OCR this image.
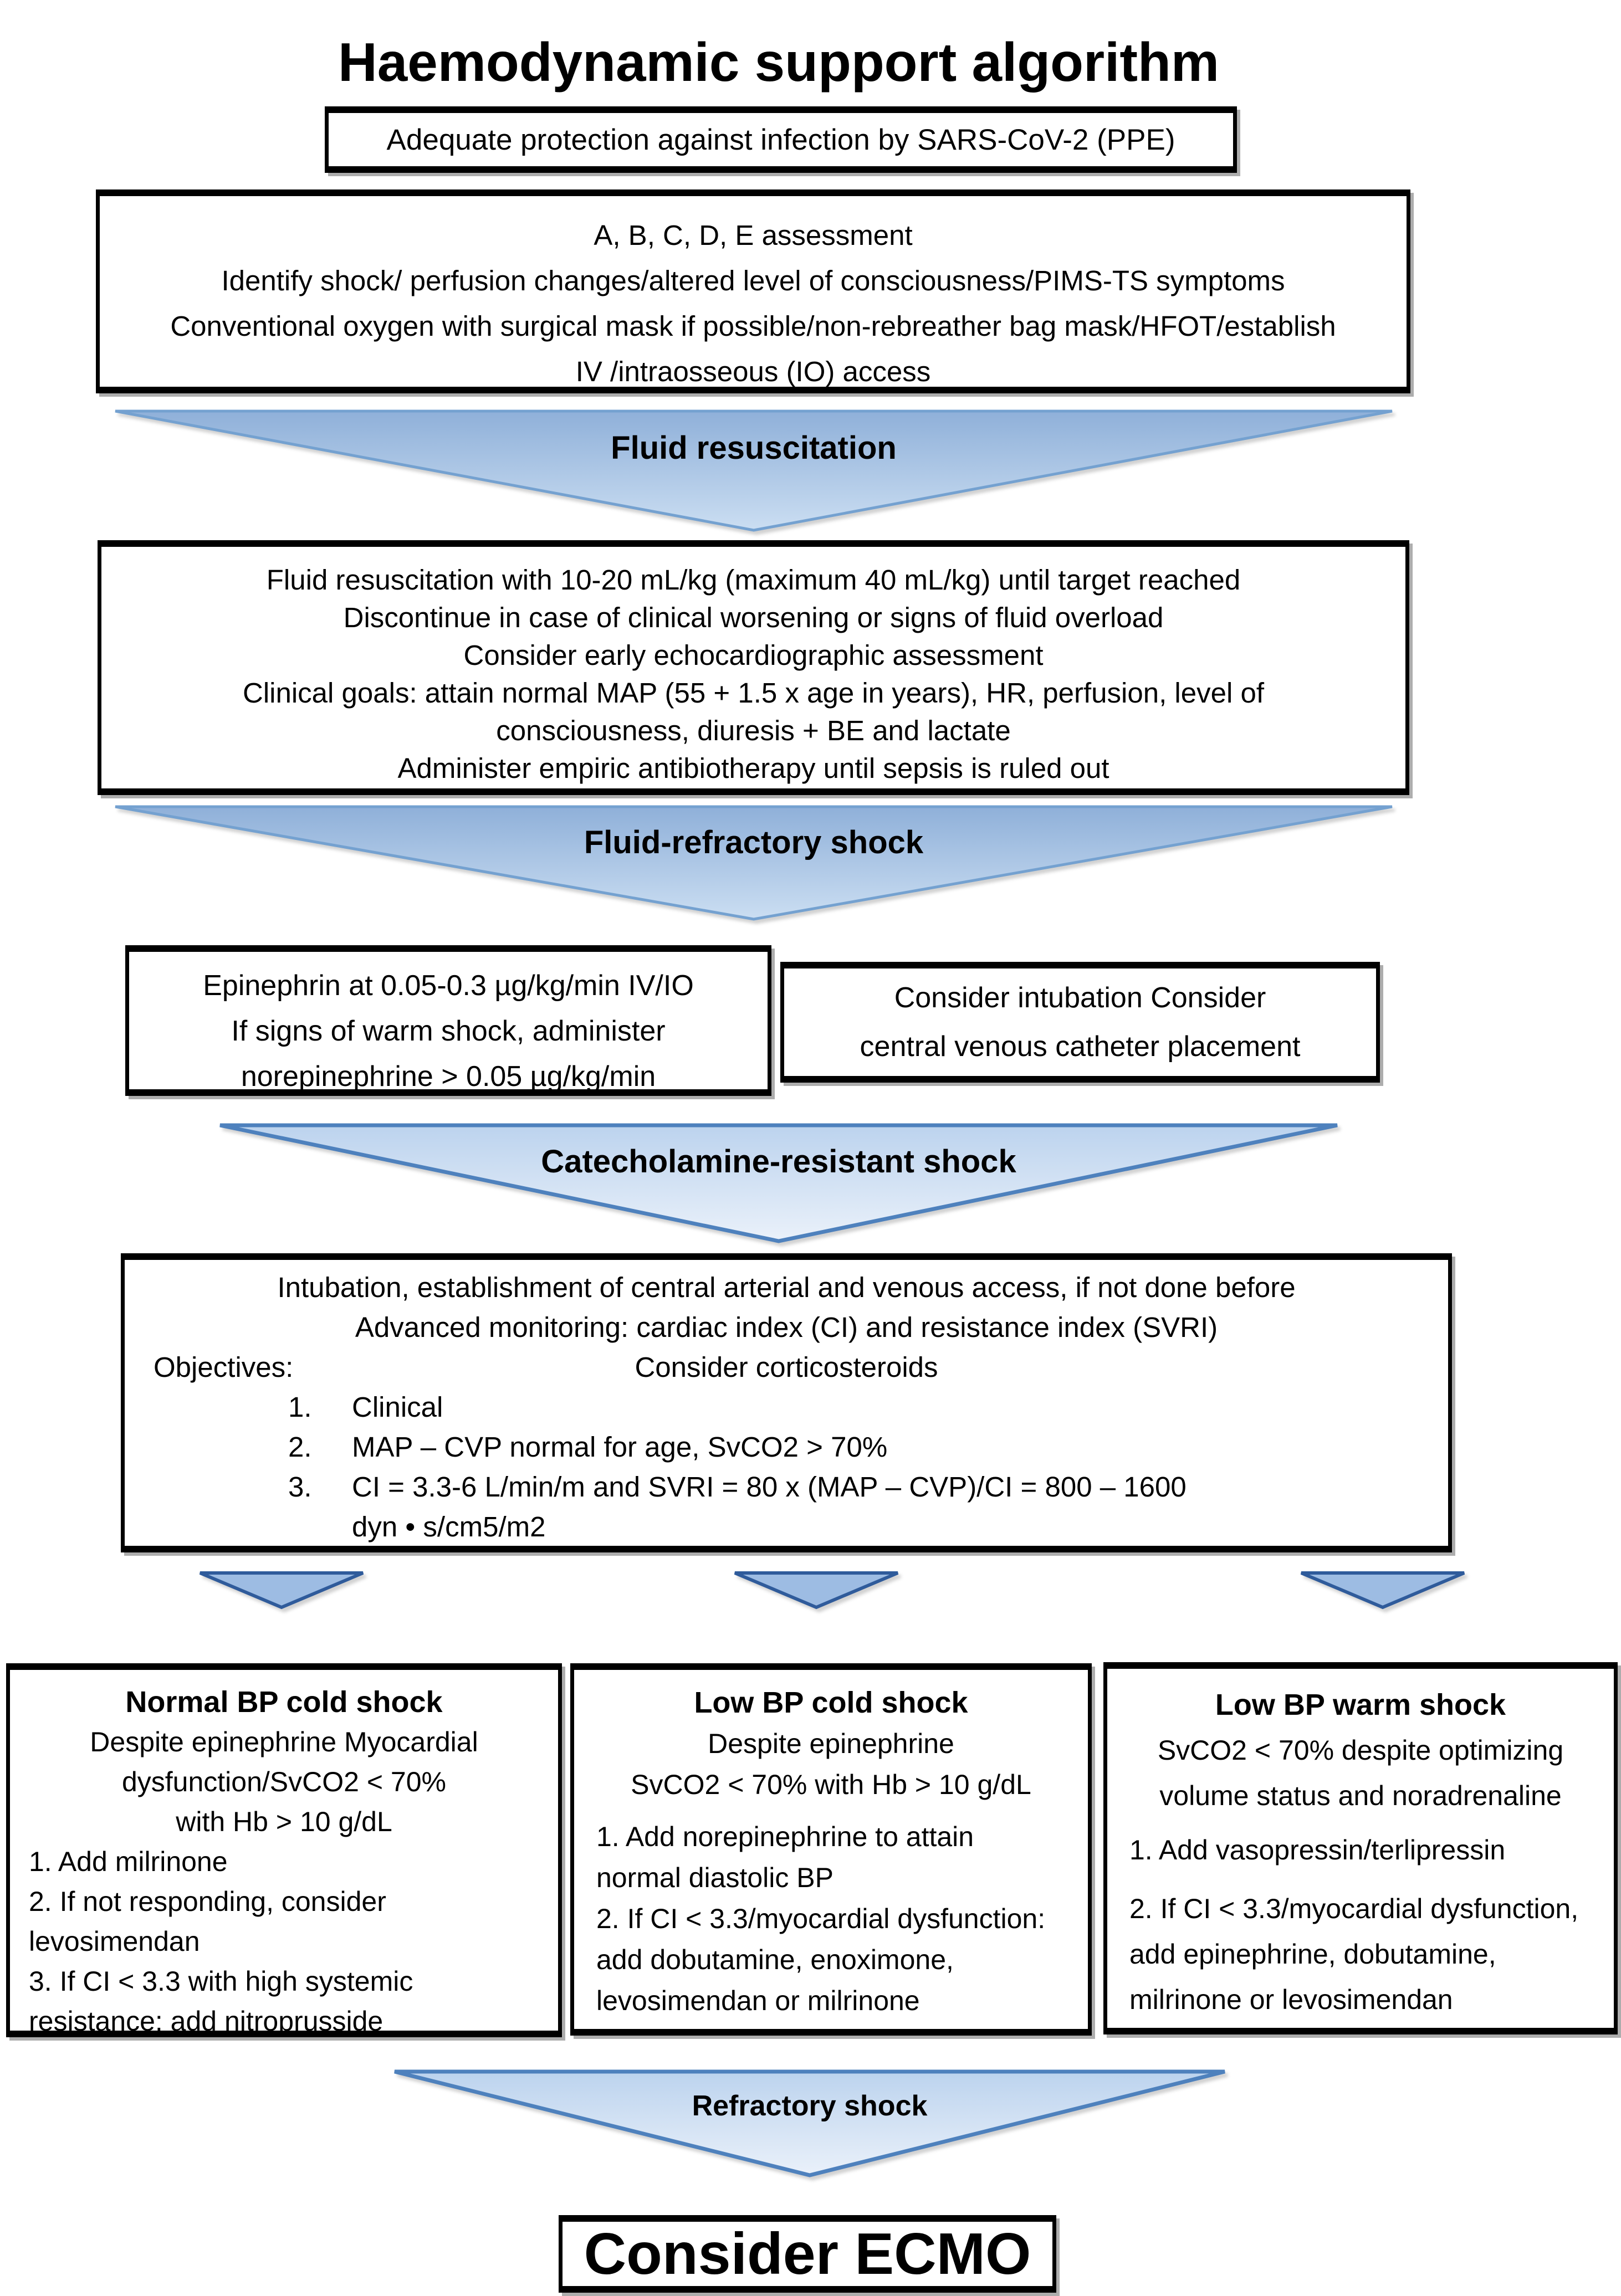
Haemodynamic support algorithm
Adequate protection against infection by SARS-CoV-2 (PPE)
A, B, C, D, E assessment
Identify shock/ perfusion changes/altered level of consciousness/PIMS-TS symptoms
Conventional oxygen with surgical mask if possible/non-rebreather bag mask/HFOT/establish
IV /intraosseous (IO) access
Fluid resuscitation
Fluid resuscitation with 10-20 mL/kg (maximum 40 mL/kg) until target reached
Discontinue in case of clinical worsening or signs of fluid overload
Consider early echocardiographic assessment
Clinical goals: attain normal MAP (55 + 1.5 x age in years), HR, perfusion, level of
consciousness, diuresis + BE and lactate
Administer empiric antibiotherapy until sepsis is ruled out
Fluid-refractory shock
Epinephrin at 0.05-0.3 µg/kg/min IV/IO
If signs of warm shock, administer
norepinephrine > 0.05 µg/kg/min
Consider intubation Consider
central venous catheter placement
Catecholamine-resistant shock
Intubation, establishment of central arterial and venous access, if not done before
Advanced monitoring: cardiac index (CI) and resistance index (SVRI)
Objectives:	Consider corticosteroids
1. Clinical
2. MAP – CVP normal for age, SvCO2 > 70%
3. CI = 3.3-6 L/min/m and SVRI = 80 x (MAP – CVP)/CI = 800 – 1600
dyn • s/cm5/m2
Normal BP cold shock
Despite epinephrine Myocardial
dysfunction/SvCO2 < 70%
with Hb > 10 g/dL
1. Add milrinone
2. If not responding, consider
levosimendan
3. If CI < 3.3 with high systemic
resistance: add nitroprusside
Low BP cold shock
Despite epinephrine
SvCO2 < 70% with Hb > 10 g/dL
1. Add norepinephrine to attain
normal diastolic BP
2. If CI < 3.3/myocardial dysfunction:
add dobutamine, enoximone,
levosimendan or milrinone
Low BP warm shock
SvCO2 < 70% despite optimizing
volume status and noradrenaline
1. Add vasopressin/terlipressin
2. If CI < 3.3/myocardial dysfunction,
add epinephrine, dobutamine,
milrinone or levosimendan
Refractory shock
Consider ECMO
